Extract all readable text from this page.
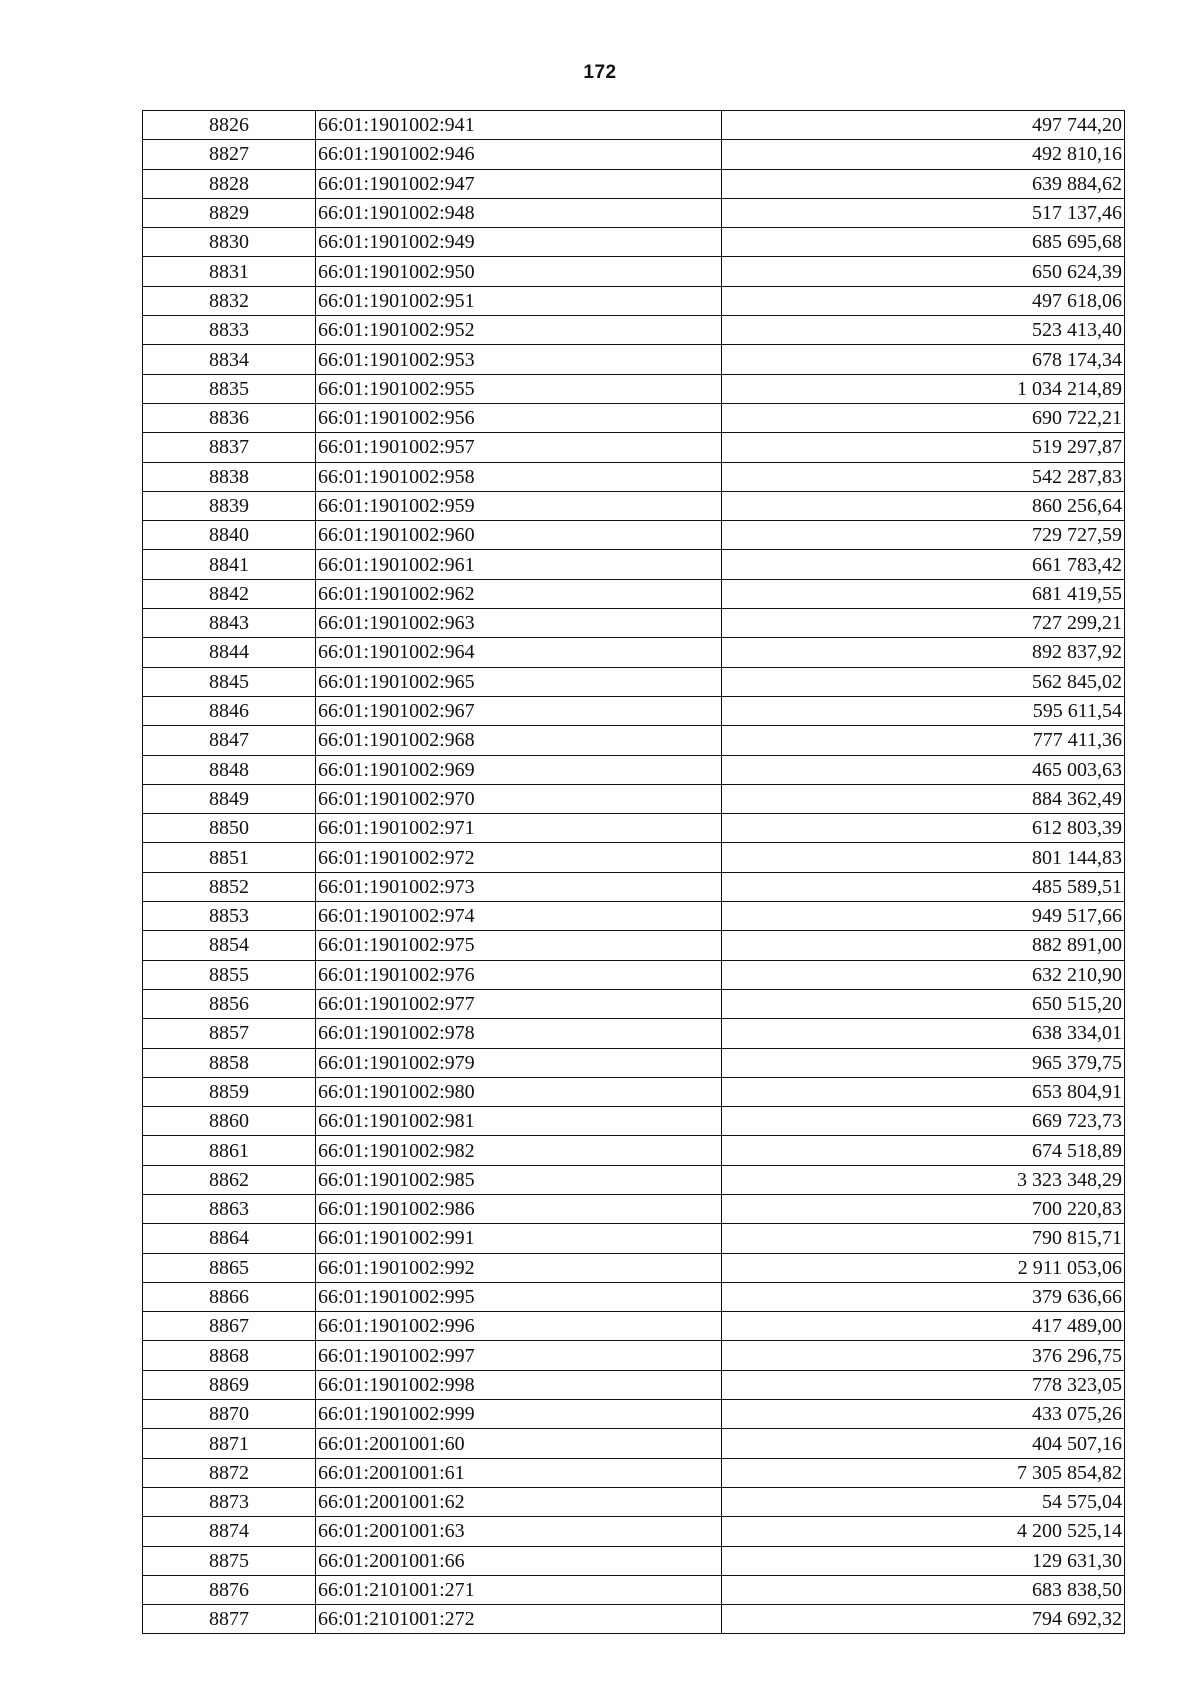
172
8826	66:01:1901002:941	497 744,20
8827	66:01:1901002:946	492 810,16
8828	66:01:1901002:947	639 884,62
8829	66:01:1901002:948	517 137,46
8830	66:01:1901002:949	685 695,68
8831	66:01:1901002:950	650 624,39
8832	66:01:1901002:951	497 618,06
8833	66:01:1901002:952	523 413,40
8834	66:01:1901002:953	678 174,34
8835	66:01:1901002:955	1 034 214,89
8836	66:01:1901002:956	690 722,21
8837	66:01:1901002:957	519 297,87
8838	66:01:1901002:958	542 287,83
8839	66:01:1901002:959	860 256,64
8840	66:01:1901002:960	729 727,59
8841	66:01:1901002:961	661 783,42
8842	66:01:1901002:962	681 419,55
8843	66:01:1901002:963	727 299,21
8844	66:01:1901002:964	892 837,92
8845	66:01:1901002:965	562 845,02
8846	66:01:1901002:967	595 611,54
8847	66:01:1901002:968	777 411,36
8848	66:01:1901002:969	465 003,63
8849	66:01:1901002:970	884 362,49
8850	66:01:1901002:971	612 803,39
8851	66:01:1901002:972	801 144,83
8852	66:01:1901002:973	485 589,51
8853	66:01:1901002:974	949 517,66
8854	66:01:1901002:975	882 891,00
8855	66:01:1901002:976	632 210,90
8856	66:01:1901002:977	650 515,20
8857	66:01:1901002:978	638 334,01
8858	66:01:1901002:979	965 379,75
8859	66:01:1901002:980	653 804,91
8860	66:01:1901002:981	669 723,73
8861	66:01:1901002:982	674 518,89
8862	66:01:1901002:985	3 323 348,29
8863	66:01:1901002:986	700 220,83
8864	66:01:1901002:991	790 815,71
8865	66:01:1901002:992	2 911 053,06
8866	66:01:1901002:995	379 636,66
8867	66:01:1901002:996	417 489,00
8868	66:01:1901002:997	376 296,75
8869	66:01:1901002:998	778 323,05
8870	66:01:1901002:999	433 075,26
8871	66:01:2001001:60	404 507,16
8872	66:01:2001001:61	7 305 854,82
8873	66:01:2001001:62	54 575,04
8874	66:01:2001001:63	4 200 525,14
8875	66:01:2001001:66	129 631,30
8876	66:01:2101001:271	683 838,50
8877	66:01:2101001:272	794 692,32
